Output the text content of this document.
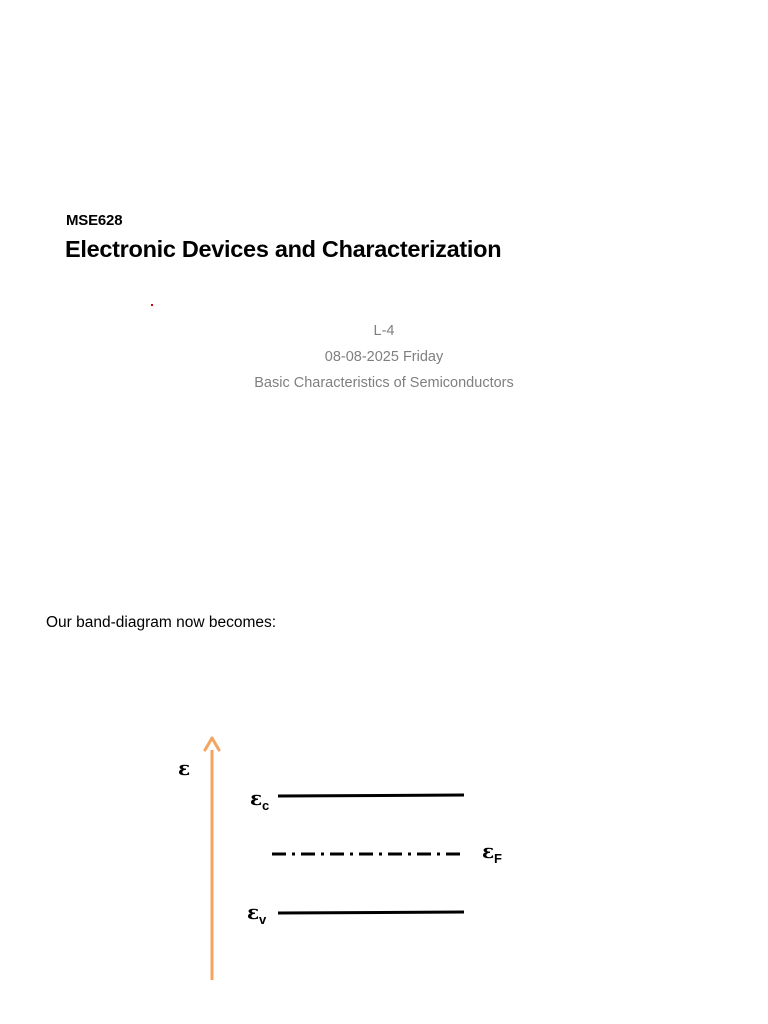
MSE628
Electronic Devices and Characterization
L-4
08-08-2025 Friday
Basic Characteristics of Semiconductors
Our band-diagram now becomes:
ε
ε c
ε F
ε v
